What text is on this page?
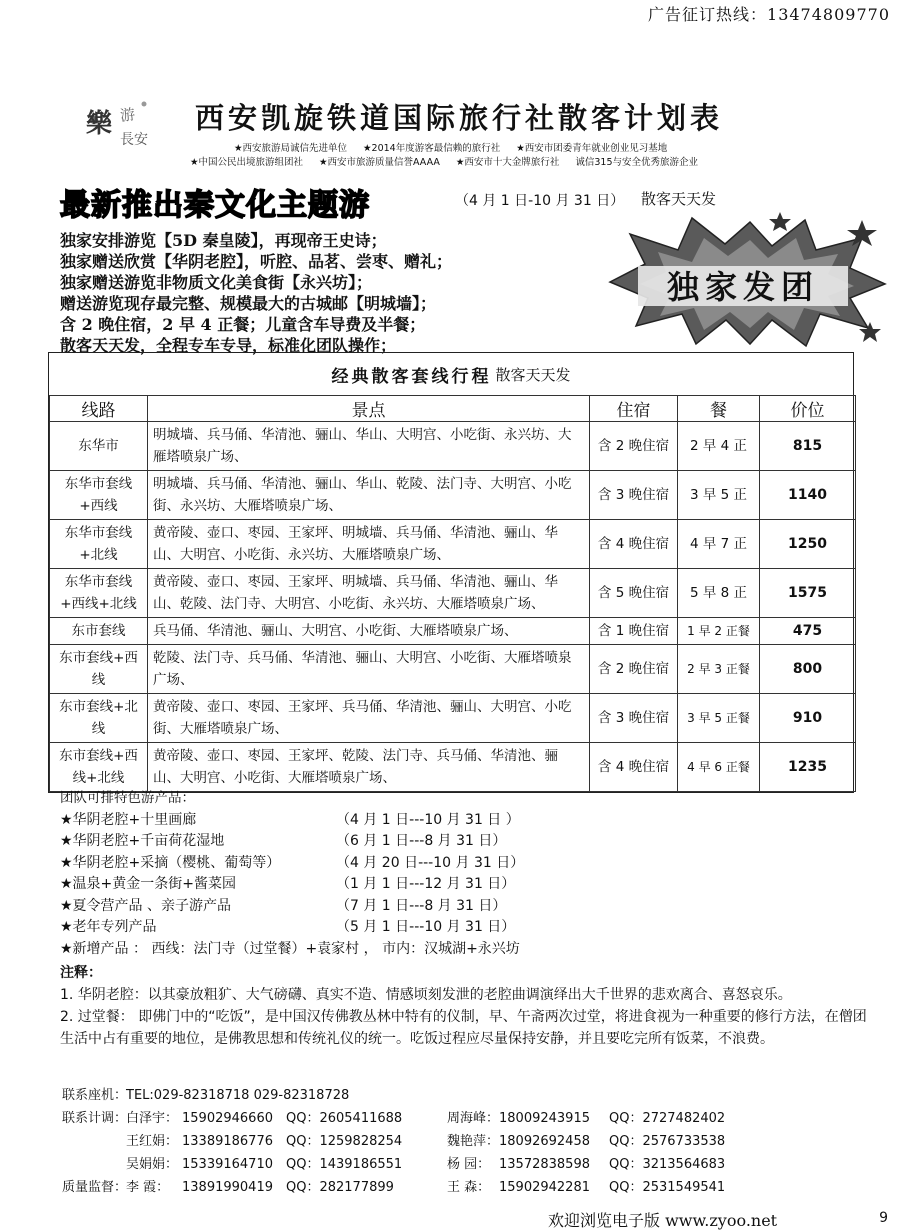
广告征订热线：13474809770
樂 游
長安
西安凯旋铁道国际旅行社散客计划表
★西安旅游局诚信先进单位 ★2014年度游客最信赖的旅行社 ★西安市团委青年就业创业见习基地
★中国公民出境旅游组团社 ★西安市旅游质量信誉AAAA ★西安市十大金牌旅行社 诚信315与安全优秀旅游企业
最新推出秦文化主题游	（4 月 1 日-10 月 31 日） 散客天天发
独家安排游览【5D 秦皇陵】，再现帝王史诗；
独家赠送欣赏【华阴老腔】，听腔、品茗、尝枣、赠礼；
独家赠送游览非物质文化美食街【永兴坊】；
赠送游览现存最完整、规模最大的古城邮【明城墙】；
含 2 晚住宿，2 早 4 正餐；儿童含车导费及半餐；
散客天天发，全程专车专导，标准化团队操作；
独家发团
经典散客套线行程 散客天天发
线路	景点	住宿	餐	价位
东华市	明城墙、兵马俑、华清池、骊山、华山、大明宫、小吃街、永兴坊、大雁塔喷泉广场、	含 2 晚住宿	2 早 4 正	815
东华市套线+西线	明城墙、兵马俑、华清池、骊山、华山、乾陵、法门寺、大明宫、小吃街、永兴坊、大雁塔喷泉广场、	含 3 晚住宿	3 早 5 正	1140
东华市套线+北线	黄帝陵、壶口、枣园、王家坪、明城墙、兵马俑、华清池、骊山、华山、大明宫、小吃街、永兴坊、大雁塔喷泉广场、	含 4 晚住宿	4 早 7 正	1250
东华市套线+西线+北线	黄帝陵、壶口、枣园、王家坪、明城墙、兵马俑、华清池、骊山、华山、乾陵、法门寺、大明宫、小吃街、永兴坊、大雁塔喷泉广场、	含 5 晚住宿	5 早 8 正	1575
东市套线	兵马俑、华清池、骊山、大明宫、小吃街、大雁塔喷泉广场、	含 1 晚住宿	1 早 2 正餐	475
东市套线+西线	乾陵、法门寺、兵马俑、华清池、骊山、大明宫、小吃街、大雁塔喷泉广场、	含 2 晚住宿	2 早 3 正餐	800
东市套线+北线	黄帝陵、壶口、枣园、王家坪、兵马俑、华清池、骊山、大明宫、小吃街、大雁塔喷泉广场、	含 3 晚住宿	3 早 5 正餐	910
东市套线+西线+北线	黄帝陵、壶口、枣园、王家坪、乾陵、法门寺、兵马俑、华清池、骊山、大明宫、小吃街、大雁塔喷泉广场、	含 4 晚住宿	4 早 6 正餐	1235
团队可排特色游产品：
★华阴老腔+十里画廊	（4 月 1 日---10 月 31 日 ）
★华阴老腔+千亩荷花湿地	（6 月 1 日---8 月 31 日）
★华阴老腔+采摘（樱桃、葡萄等）	（4 月 20 日---10 月 31 日）
★温泉+黄金一条街+酱菜园	（1 月 1 日---12 月 31 日）
★夏令营产品 、亲子游产品	（7 月 1 日---8 月 31 日）
★老年专列产品	（5 月 1 日---10 月 31 日）
★新增产品 ： 西线：法门寺（过堂餐）+袁家村 ， 市内：汉城湖+永兴坊
注释：
1. 华阴老腔：以其豪放粗犷、大气磅礴、真实不造、情感顷刻发泄的老腔曲调演绎出大千世界的悲欢离合、喜怒哀乐。
2. 过堂餐： 即佛门中的“吃饭”，是中国汉传佛教丛林中特有的仪制，早、午斋两次过堂，将进食视为一种重要的修行方法，在僧团生活中占有重要的地位，是佛教思想和传统礼仪的统一。吃饭过程应尽量保持安静，并且要吃完所有饭菜，不浪费。
联系座机：
TEL:029-82318718 029-82318728
联系计调：
白泽宇： 15902946660	QQ：2605411688
王红娟： 13389186776	QQ：1259828254
吴娟娟： 15339164710	QQ：1439186551
质量监督：
李 霞： 13891990419	QQ：282177899
周海峰： 18009243915	QQ：2727482402
魏艳萍： 18092692458	QQ：2576733538
杨 园： 13572838598	QQ：3213564683
王 森： 15902942281	QQ：2531549541
欢迎浏览电子版 www.zyoo.net	9
